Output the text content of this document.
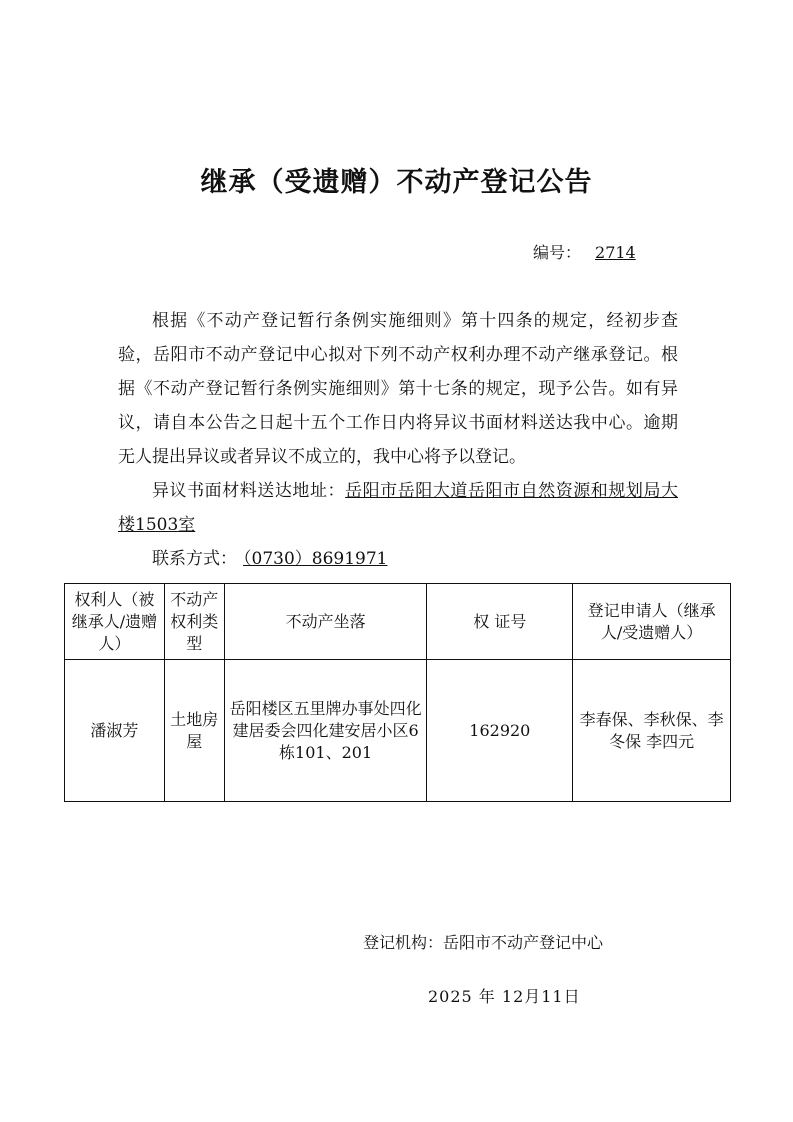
继承（受遗赠）不动产登记公告
编号： 2714

根据《不动产登记暂行条例实施细则》第十四条的规定，经初步查验，岳阳市不动产登记中心拟对下列不动产权利办理不动产继承登记。根据《不动产登记暂行条例实施细则》第十七条的规定，现予公告。如有异议，请自本公告之日起十五个工作日内将异议书面材料送达我中心。逾期无人提出异议或者异议不成立的，我中心将予以登记。

异议书面材料送达地址：岳阳市岳阳大道岳阳市自然资源和规划局大楼1503室

联系方式： （0730）8691971

权利人（被继承人/遗赠人）	不动产权利类型	不动产坐落	权 证号	登记申请人（继承人/受遗赠人）
潘淑芳	土地房屋	岳阳楼区五里牌办事处四化建居委会四化建安居小区6栋101、201	162920	李春保、李秋保、李冬保 李四元
登记机构：岳阳市不动产登记中心
2025 年 12月11日
